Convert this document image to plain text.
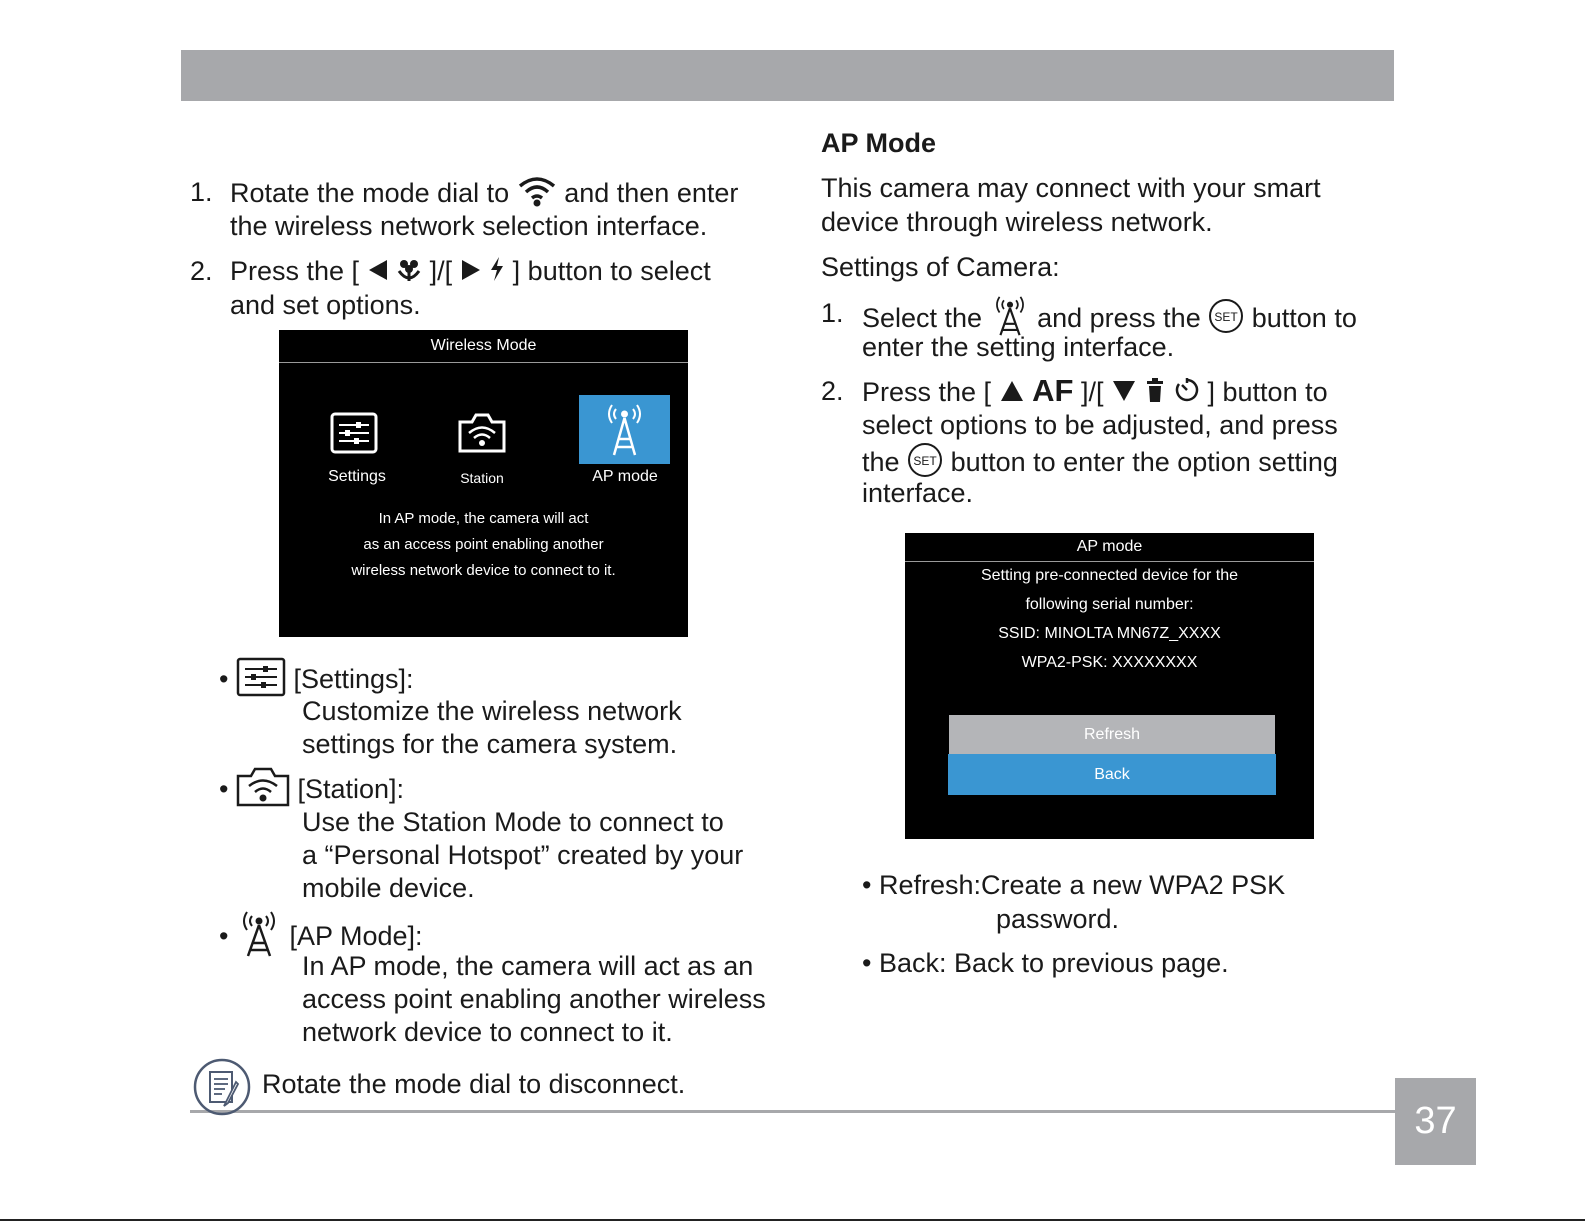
37
1. Rotate the mode dial to and then enter
the wireless network selection interface.
2. Press the [	]/[ ] button to select
and set options.
Wireless Mode
Settings	Station	AP mode
In AP mode, the camera will act
as an access point enabling another
wireless network device to connect to it.
• [Settings]:
Customize the wireless network
settings for the camera system.
•	[Station]:
Use the Station Mode to connect to
a “Personal Hotspot” created by your
mobile device.
• [AP Mode]:
In AP mode, the camera will act as an
access point enabling another wireless
network device to connect to it.
Rotate the mode dial to disconnect.
AP Mode
This camera may connect with your smart
device through wireless network.
Settings of Camera:
1. Select the and press the SET button to
enter the setting interface.
2. Press the [ AF ]/[	] button to
select options to be adjusted, and press
the SET button to enter the option setting
interface.
AP mode
Setting pre-connected device for the
following serial number:
SSID: MINOLTA MN67Z_XXXX
WPA2-PSK: XXXXXXXX
Refresh
Back
• Refresh:Create a new WPA2 PSK
password.
• Back: Back to previous page.
